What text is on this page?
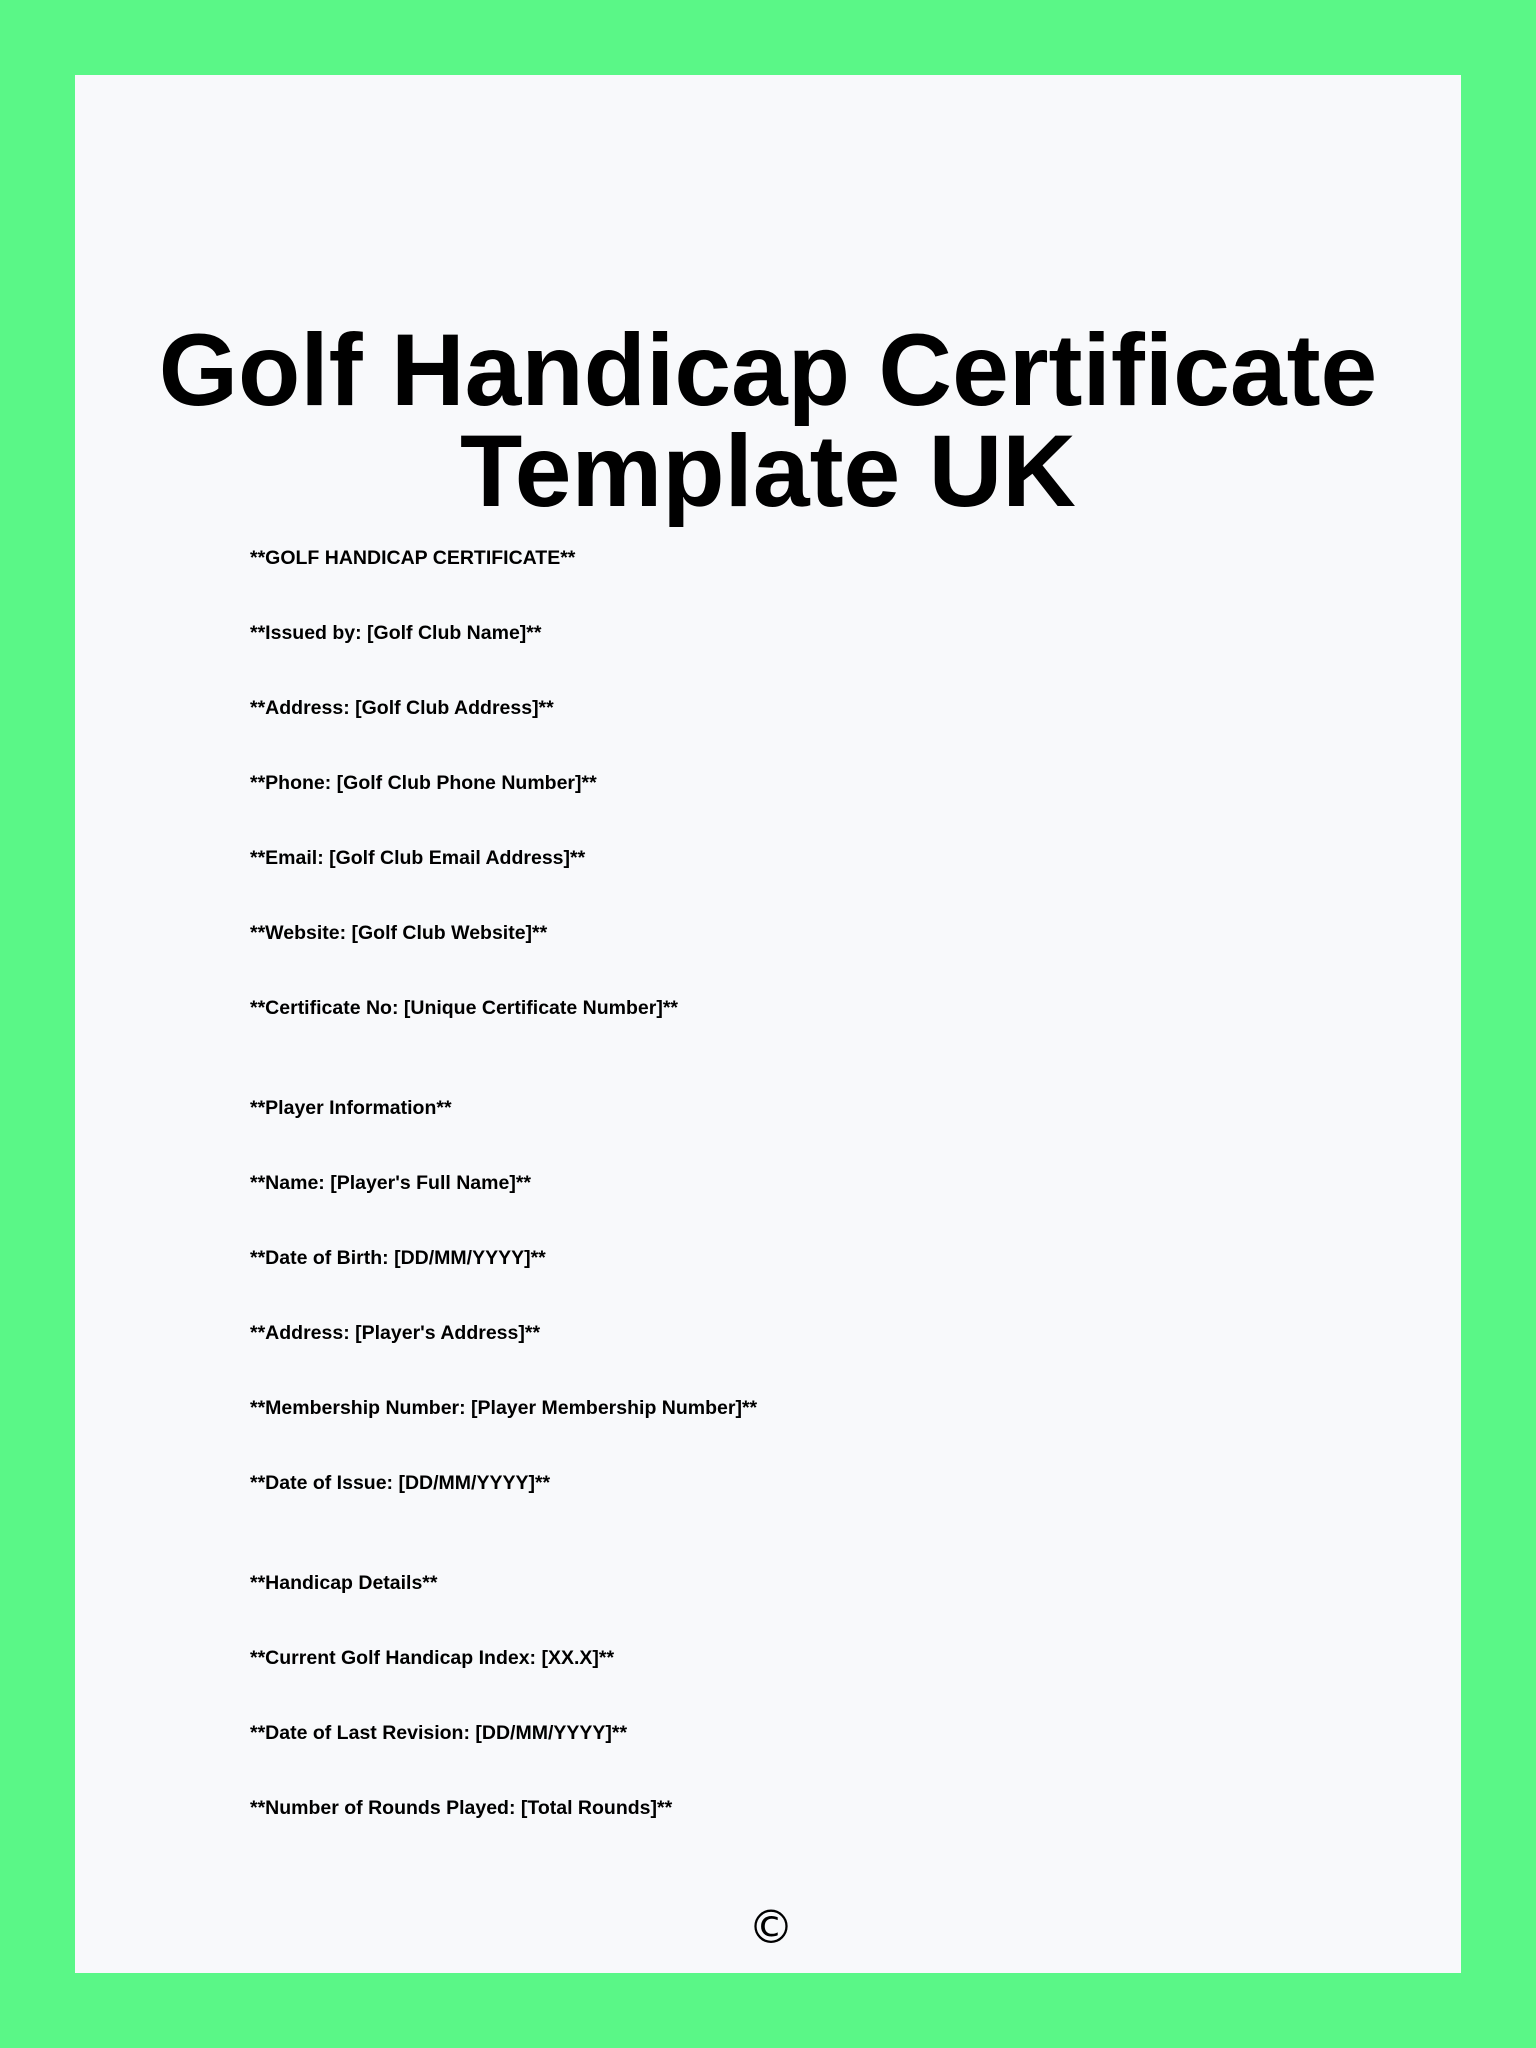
Golf Handicap Certificate
Template UK
**GOLF HANDICAP CERTIFICATE**
**Issued by: [Golf Club Name]**
**Address: [Golf Club Address]**
**Phone: [Golf Club Phone Number]**
**Email: [Golf Club Email Address]**
**Website: [Golf Club Website]**
**Certificate No: [Unique Certificate Number]**
**Player Information**
**Name: [Player's Full Name]**
**Date of Birth: [DD/MM/YYYY]**
**Address: [Player's Address]**
**Membership Number: [Player Membership Number]**
**Date of Issue: [DD/MM/YYYY]**
**Handicap Details**
**Current Golf Handicap Index: [XX.X]**
**Date of Last Revision: [DD/MM/YYYY]**
**Number of Rounds Played: [Total Rounds]**
©
